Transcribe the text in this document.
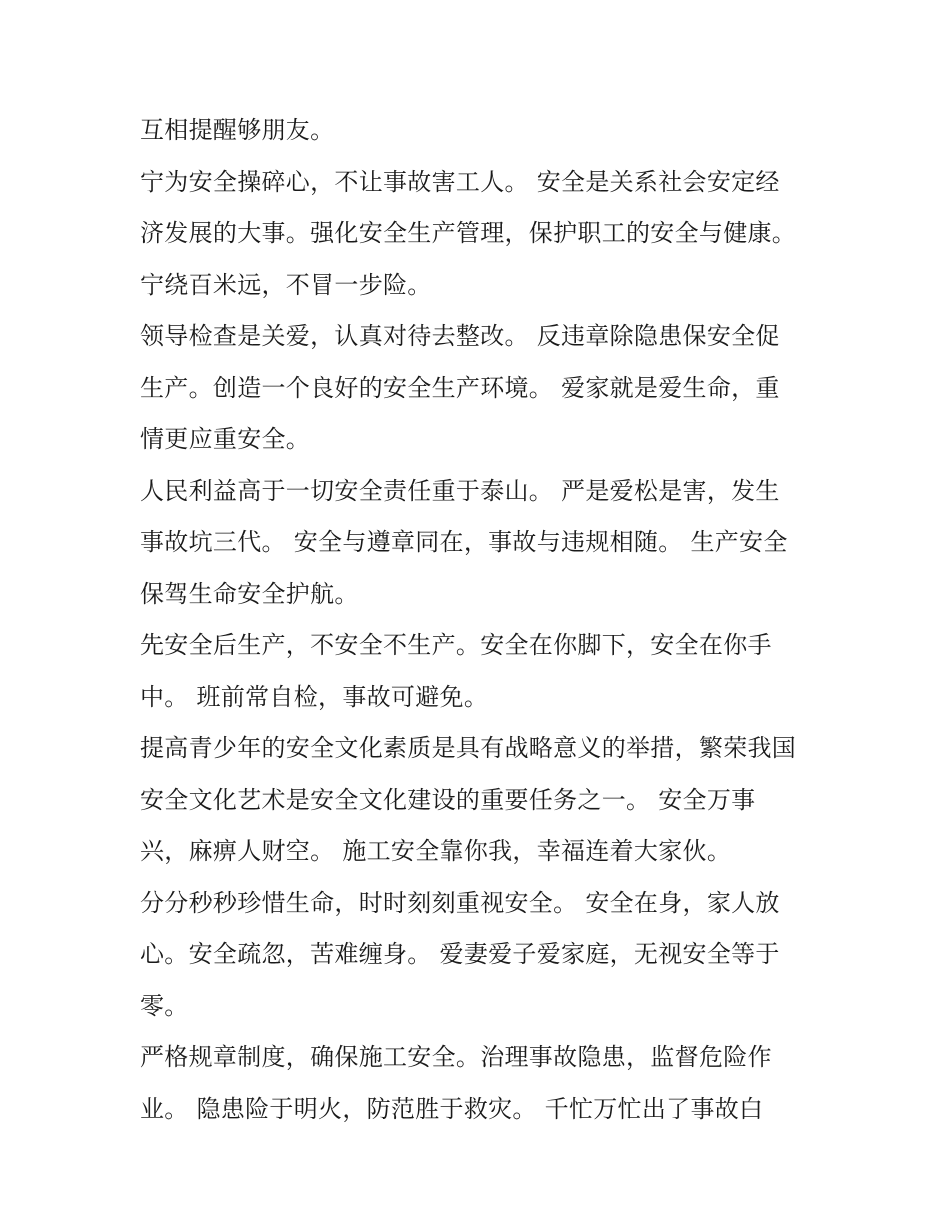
互相提醒够朋友。
宁为安全操碎心，不让事故害工人。 安全是关系社会安定经
济发展的大事。强化安全生产管理，保护职工的安全与健康。
宁绕百米远，不冒一步险。
领导检查是关爱，认真对待去整改。 反违章除隐患保安全促
生产。创造一个良好的安全生产环境。 爱家就是爱生命，重
情更应重安全。
人民利益高于一切安全责任重于泰山。 严是爱松是害，发生
事故坑三代。 安全与遵章同在，事故与违规相随。 生产安全
保驾生命安全护航。
先安全后生产，不安全不生产。安全在你脚下，安全在你手
中。 班前常自检，事故可避免。
提高青少年的安全文化素质是具有战略意义的举措，繁荣我国
安全文化艺术是安全文化建设的重要任务之一。 安全万事
兴，麻痹人财空。 施工安全靠你我，幸福连着大家伙。
分分秒秒珍惜生命，时时刻刻重视安全。 安全在身，家人放
心。安全疏忽，苦难缠身。 爱妻爱子爱家庭，无视安全等于
零。
严格规章制度，确保施工安全。治理事故隐患，监督危险作
业。 隐患险于明火，防范胜于救灾。 千忙万忙出了事故白
